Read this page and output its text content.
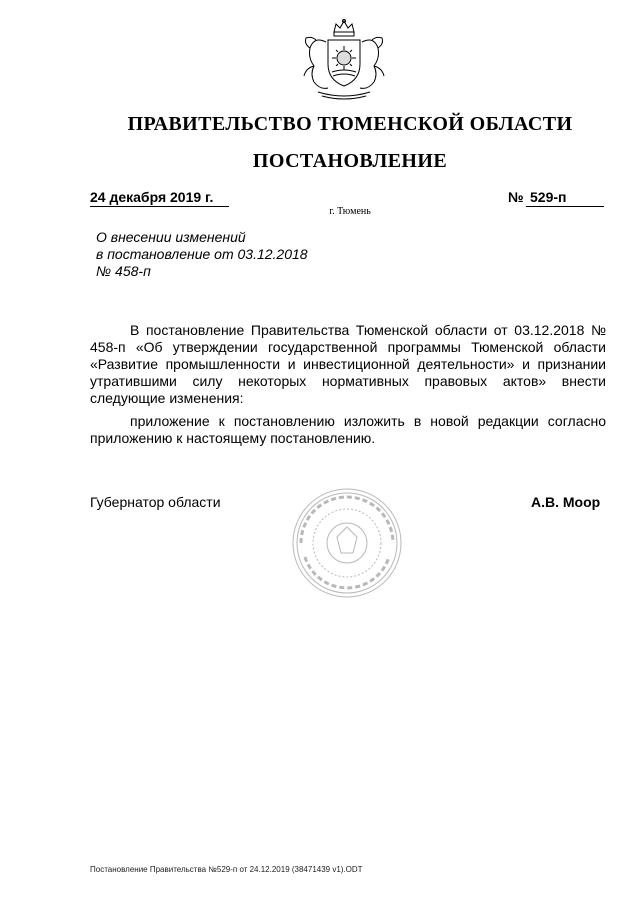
ПРАВИТЕЛЬСТВО ТЮМЕНСКОЙ ОБЛАСТИ
ПОСТАНОВЛЕНИЕ
24 декабря 2019 г.	№ 529-п
г. Тюмень
О внесении изменений
в постановление от 03.12.2018
№ 458-п

В постановление Правительства Тюменской области от 03.12.2018 № 458-п «Об утверждении государственной программы Тюменской области «Развитие промышленности и инвестиционной деятельности» и признании утратившими силу некоторых нормативных правовых актов» внести следующие изменения:

приложение к постановлению изложить в новой редакции согласно приложению к настоящему постановлению.

Губернатор области	А.В. Моор
Постановление Правительства №529-п от 24.12.2019 (38471439 v1).ODT
